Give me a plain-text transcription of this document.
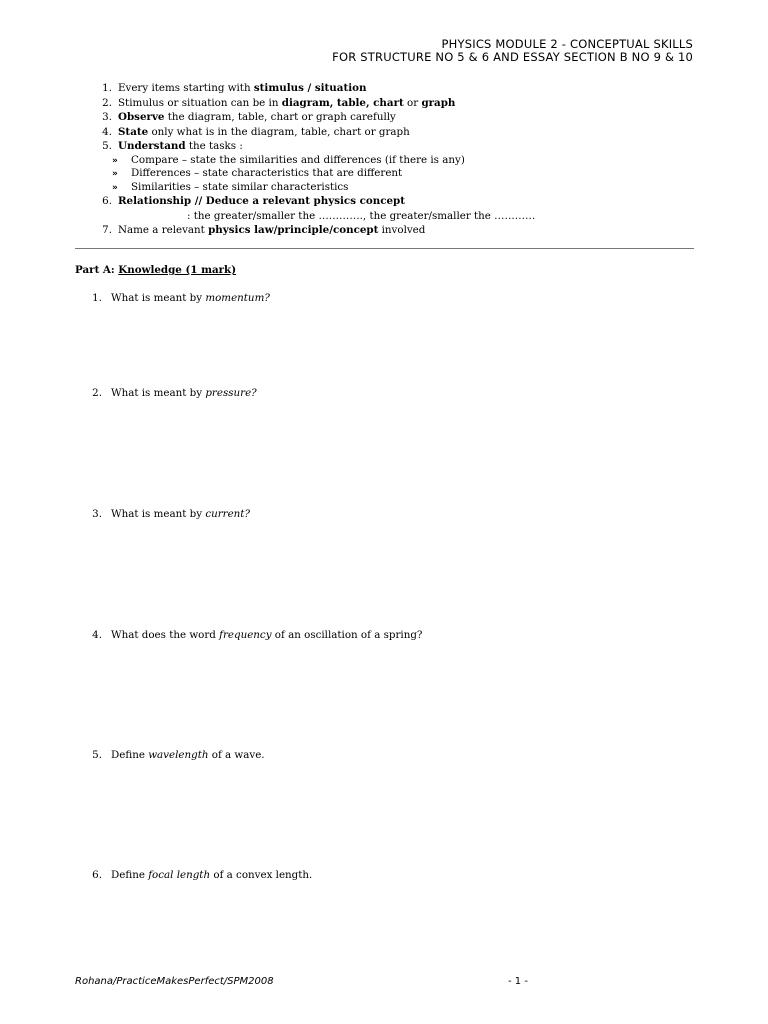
PHYSICS MODULE 2 - CONCEPTUAL SKILLS
FOR STRUCTURE NO 5 & 6 AND ESSAY SECTION B NO 9 & 10
1. Every items starting with stimulus / situation
2. Stimulus or situation can be in diagram, table, chart or graph
3. Observe the diagram, table, chart or graph carefully
4. State only what is in the diagram, table, chart or graph
5. Understand the tasks :
» Compare – state the similarities and differences (if there is any)
» Differences – state characteristics that are different
» Similarities – state similar characteristics
6. Relationship // Deduce a relevant physics concept
: the greater/smaller the …………., the greater/smaller the …………
7. Name a relevant physics law/principle/concept involved
Part A: Knowledge (1 mark)
1. What is meant by momentum?
2. What is meant by pressure?
3. What is meant by current?
4. What does the word frequency of an oscillation of a spring?
5. Define wavelength of a wave.
6. Define focal length of a convex length.
Rohana/PracticeMakesPerfect/SPM2008	- 1 -
